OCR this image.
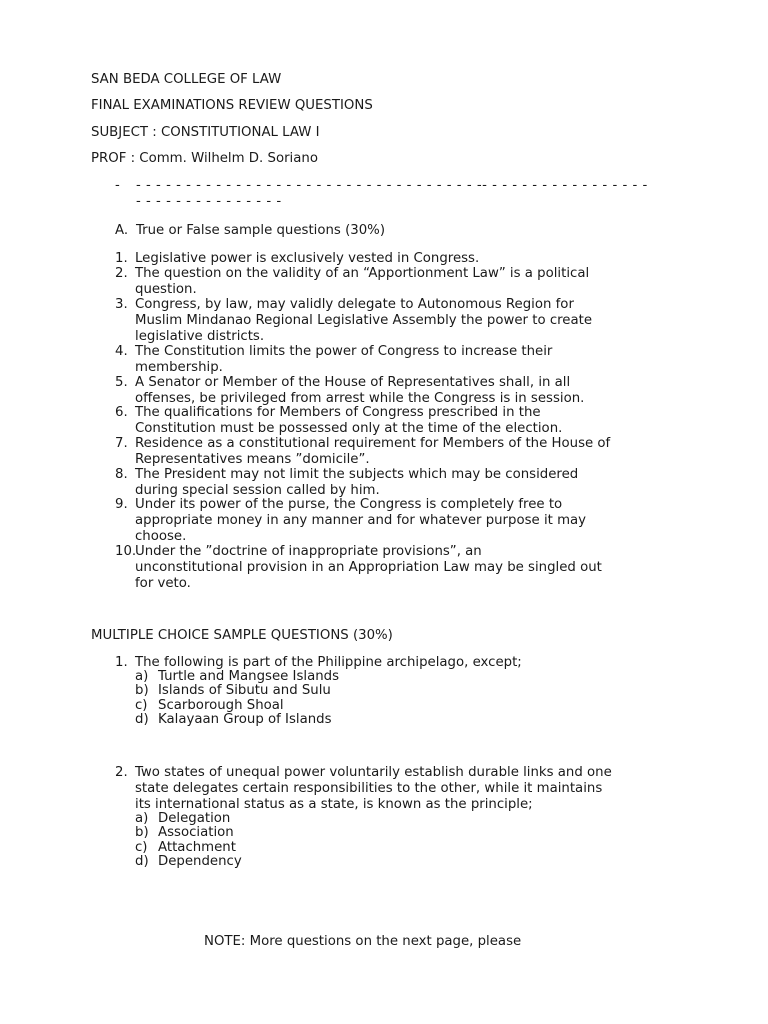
SAN BEDA COLLEGE OF LAW
FINAL EXAMINATIONS REVIEW QUESTIONS
SUBJECT : CONSTITUTIONAL LAW I
PROF : Comm. Wilhelm D. Soriano
- - - - - - - - - - - - - - - - - - - - - - - - - - - - - - - - - - - -- - - - - - - - - - - - - - - - -
- - - - - - - - - - - - - - -
A. True or False sample questions (30%)
1. Legislative power is exclusively vested in Congress.
2. The question on the validity of an “Apportionment Law” is a political
question.
3. Congress, by law, may validly delegate to Autonomous Region for
Muslim Mindanao Regional Legislative Assembly the power to create
legislative districts.
4. The Constitution limits the power of Congress to increase their
membership.
5. A Senator or Member of the House of Representatives shall, in all
offenses, be privileged from arrest while the Congress is in session.
6. The qualifications for Members of Congress prescribed in the
Constitution must be possessed only at the time of the election.
7. Residence as a constitutional requirement for Members of the House of
Representatives means ”domicile”.
8. The President may not limit the subjects which may be considered
during special session called by him.
9. Under its power of the purse, the Congress is completely free to
appropriate money in any manner and for whatever purpose it may
choose.
10.
Under the ”doctrine of inappropriate provisions”, an
unconstitutional provision in an Appropriation Law may be singled out
for veto.
MULTIPLE CHOICE SAMPLE QUESTIONS (30%)
1. The following is part of the Philippine archipelago, except;
a) Turtle and Mangsee Islands
b) Islands of Sibutu and Sulu
c) Scarborough Shoal
d) Kalayaan Group of Islands
2. Two states of unequal power voluntarily establish durable links and one
state delegates certain responsibilities to the other, while it maintains
its international status as a state, is known as the principle;
a) Delegation
b) Association
c) Attachment
d) Dependency
NOTE: More questions on the next page, please
